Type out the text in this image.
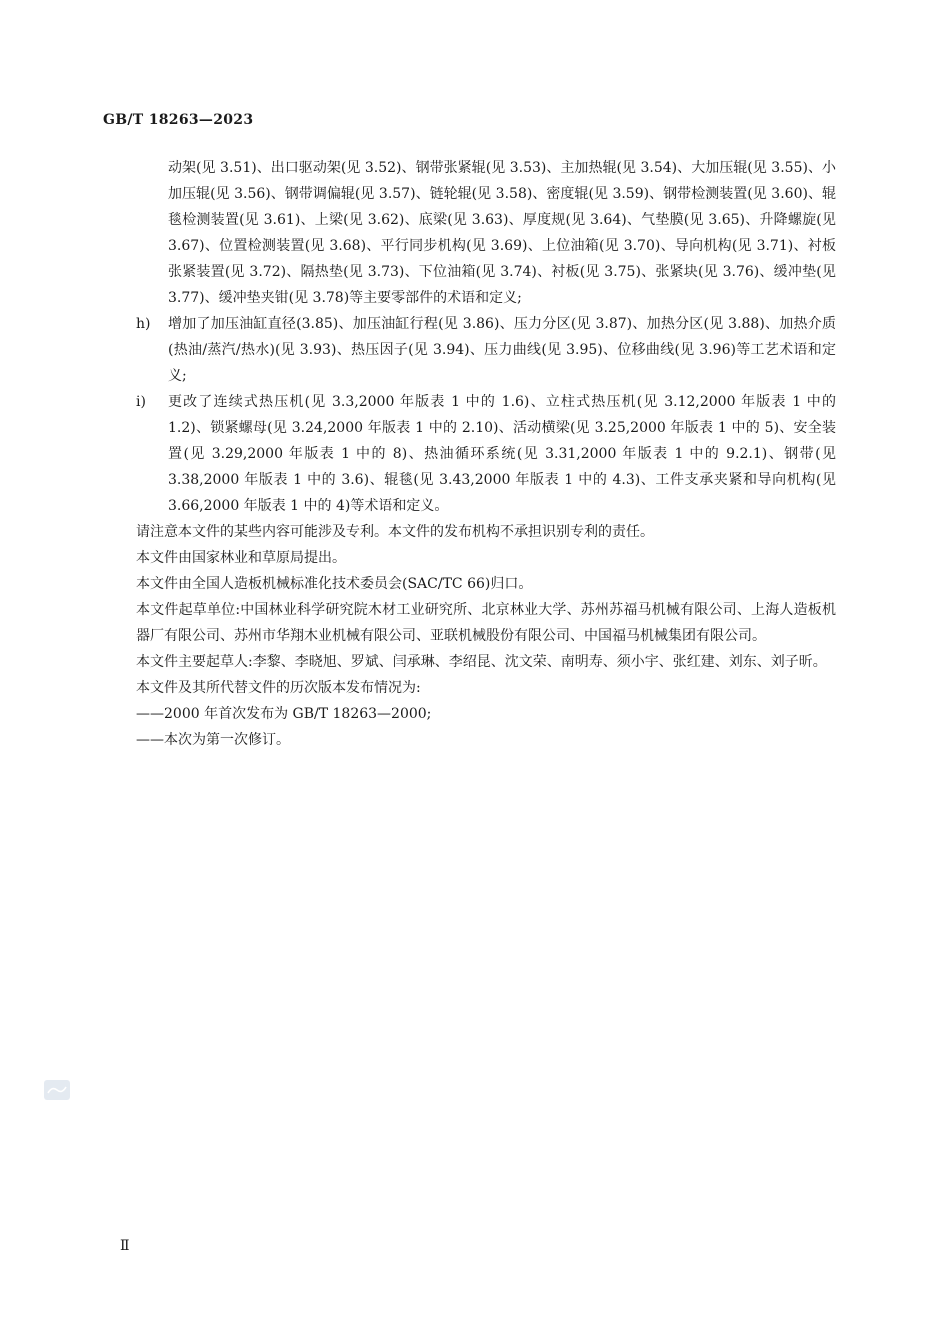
GB/T 18263—2023
动架(见 3.51)、出口驱动架(见 3.52)、钢带张紧辊(见 3.53)、主加热辊(见 3.54)、大加压辊(见 3.55)、小加压辊(见 3.56)、钢带调偏辊(见 3.57)、链轮辊(见 3.58)、密度辊(见 3.59)、钢带检测装置(见 3.60)、辊毯检测装置(见 3.61)、上梁(见 3.62)、底梁(见 3.63)、厚度规(见 3.64)、气垫膜(见 3.65)、升降螺旋(见 3.67)、位置检测装置(见 3.68)、平行同步机构(见 3.69)、上位油箱(见 3.70)、导向机构(见 3.71)、衬板张紧装置(见 3.72)、隔热垫(见 3.73)、下位油箱(见 3.74)、衬板(见 3.75)、张紧块(见 3.76)、缓冲垫(见 3.77)、缓冲垫夹钳(见 3.78)等主要零部件的术语和定义;
h) 增加了加压油缸直径(3.85)、加压油缸行程(见 3.86)、压力分区(见 3.87)、加热分区(见 3.88)、加热介质(热油/蒸汽/热水)(见 3.93)、热压因子(见 3.94)、压力曲线(见 3.95)、位移曲线(见 3.96)等工艺术语和定义;
i) 更改了连续式热压机(见 3.3,2000 年版表 1 中的 1.6)、立柱式热压机(见 3.12,2000 年版表 1 中的 1.2)、锁紧螺母(见 3.24,2000 年版表 1 中的 2.10)、活动横梁(见 3.25,2000 年版表 1 中的 5)、安全装置(见 3.29,2000 年版表 1 中的 8)、热油循环系统(见 3.31,2000 年版表 1 中的 9.2.1)、钢带(见 3.38,2000 年版表 1 中的 3.6)、辊毯(见 3.43,2000 年版表 1 中的 4.3)、工件支承夹紧和导向机构(见 3.66,2000 年版表 1 中的 4)等术语和定义。
请注意本文件的某些内容可能涉及专利。本文件的发布机构不承担识别专利的责任。
本文件由国家林业和草原局提出。
本文件由全国人造板机械标准化技术委员会(SAC/TC 66)归口。
本文件起草单位:中国林业科学研究院木材工业研究所、北京林业大学、苏州苏福马机械有限公司、上海人造板机器厂有限公司、苏州市华翔木业机械有限公司、亚联机械股份有限公司、中国福马机械集团有限公司。
本文件主要起草人:李黎、李晓旭、罗斌、闫承琳、李绍昆、沈文荣、南明寿、须小宇、张红建、刘东、刘子昕。
本文件及其所代替文件的历次版本发布情况为:
——2000 年首次发布为 GB/T 18263—2000;
——本次为第一次修订。
Ⅱ
